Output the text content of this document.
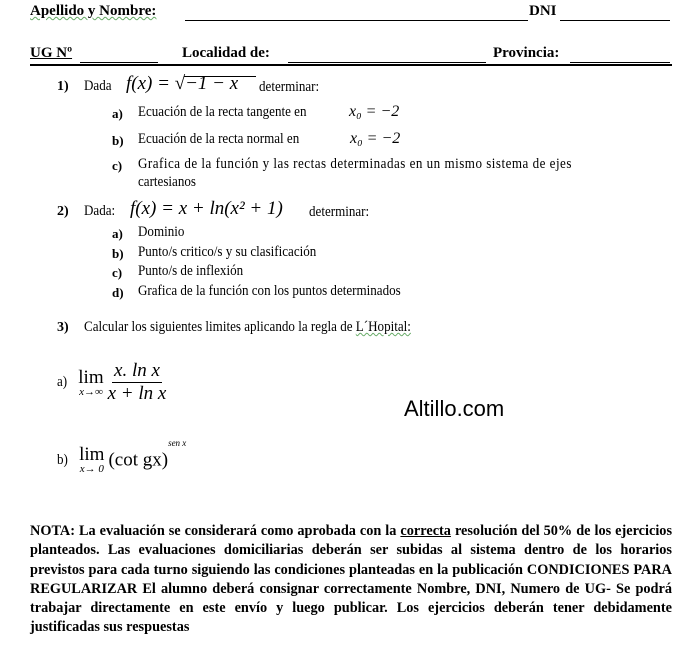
Apellido y Nombre:	DNI
UG Nº	Localidad de:	Provincia:
1) Dada f(x) = √−1 − x determinar:
a) Ecuación de la recta tangente en	x₀ = −2
b) Ecuación de la recta normal en	x₀ = −2
c) Grafica de la función y las rectas determinadas en un mismo sistema de ejes
cartesianos
2) Dada: f(x) = x + ln(x² + 1) determinar:
a) Dominio
b) Punto/s critico/s y su clasificación
c) Punto/s de inflexión
d) Grafica de la función con los puntos determinados
3) Calcular los siguientes limites aplicando la regla de L´Hopital:
a) lim
x→∞
$\frac{\text{x. ln x}}{\text{x + ln x}}$
Altillo.com
b) lim
x→ 0 (cot gx)$^{sen x}$
NOTA: La evaluación se considerará como aprobada con la correcta resolución del 50% de los ejercicios planteados. Las evaluaciones domiciliarias deberán ser subidas al sistema dentro de los horarios previstos para cada turno siguiendo las condiciones planteadas en la publicación CONDICIONES PARA REGULARIZAR El alumno deberá consignar correctamente Nombre, DNI, Numero de UG- Se podrá trabajar directamente en este envío y luego publicar. Los ejercicios deberán tener debidamente justificadas sus respuestas
